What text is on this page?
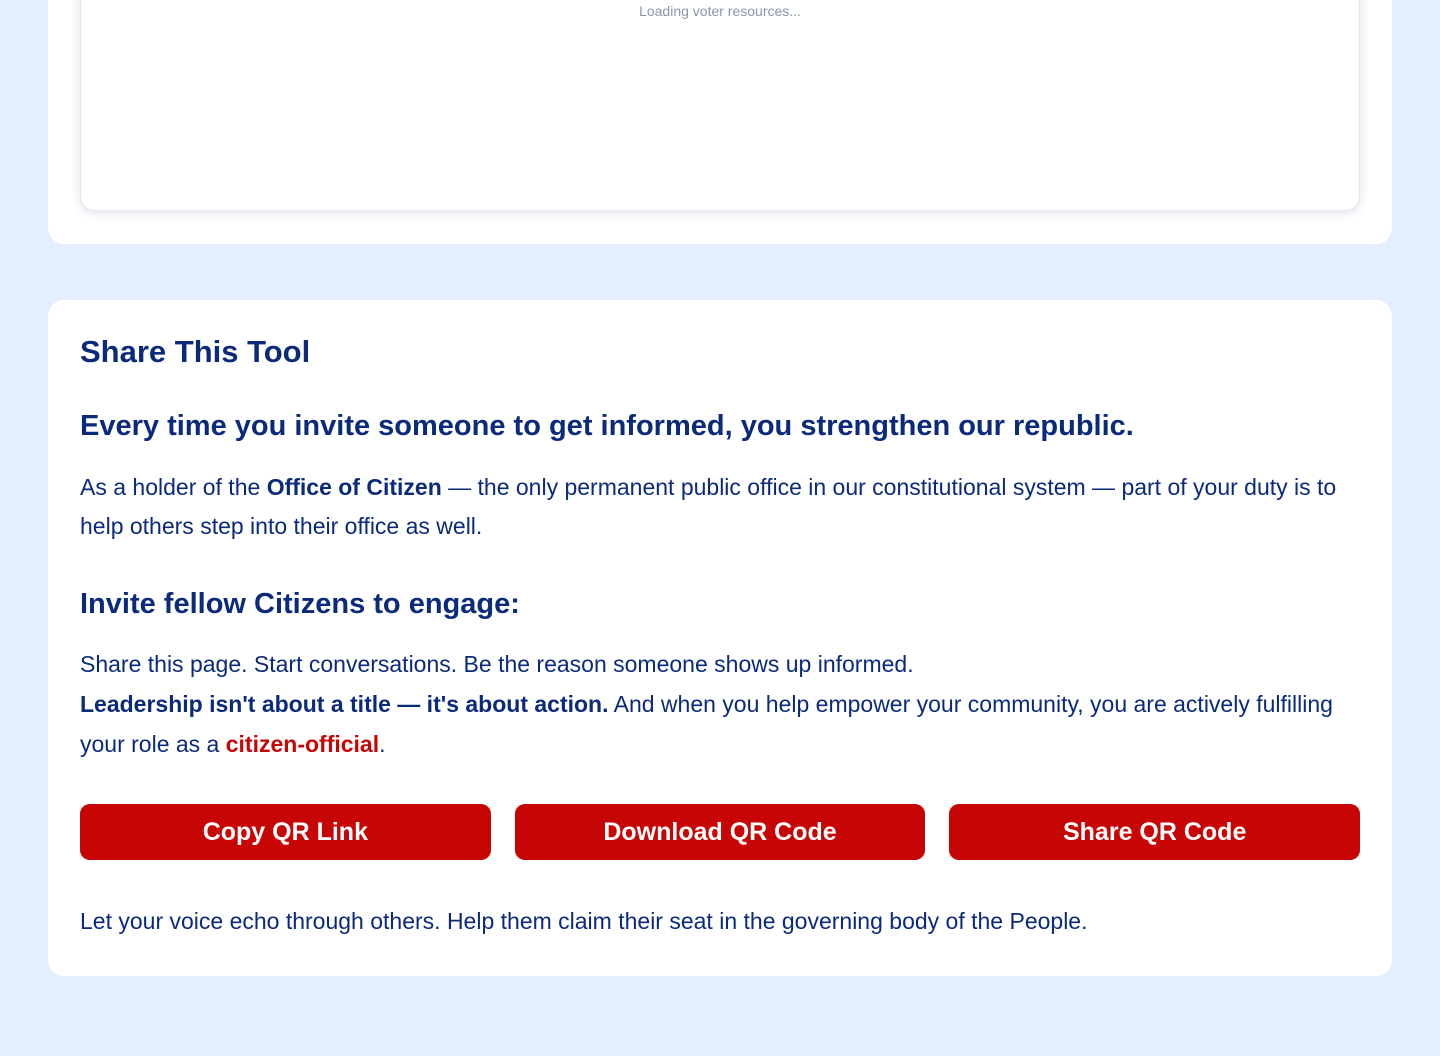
Loading voter resources...
Share This Tool
Every time you invite someone to get informed, you strengthen our republic.

As a holder of the Office of Citizen — the only permanent public office in our constitutional system — part of your duty is to help others step into their office as well.

Invite fellow Citizens to engage:

Share this page. Start conversations. Be the reason someone shows up informed.
Leadership isn't about a title — it's about action. And when you help empower your community, you are actively fulfilling your role as a citizen-official.

Copy QR Link	Download QR Code	Share QR Code

Let your voice echo through others. Help them claim their seat in the governing body of the People.
